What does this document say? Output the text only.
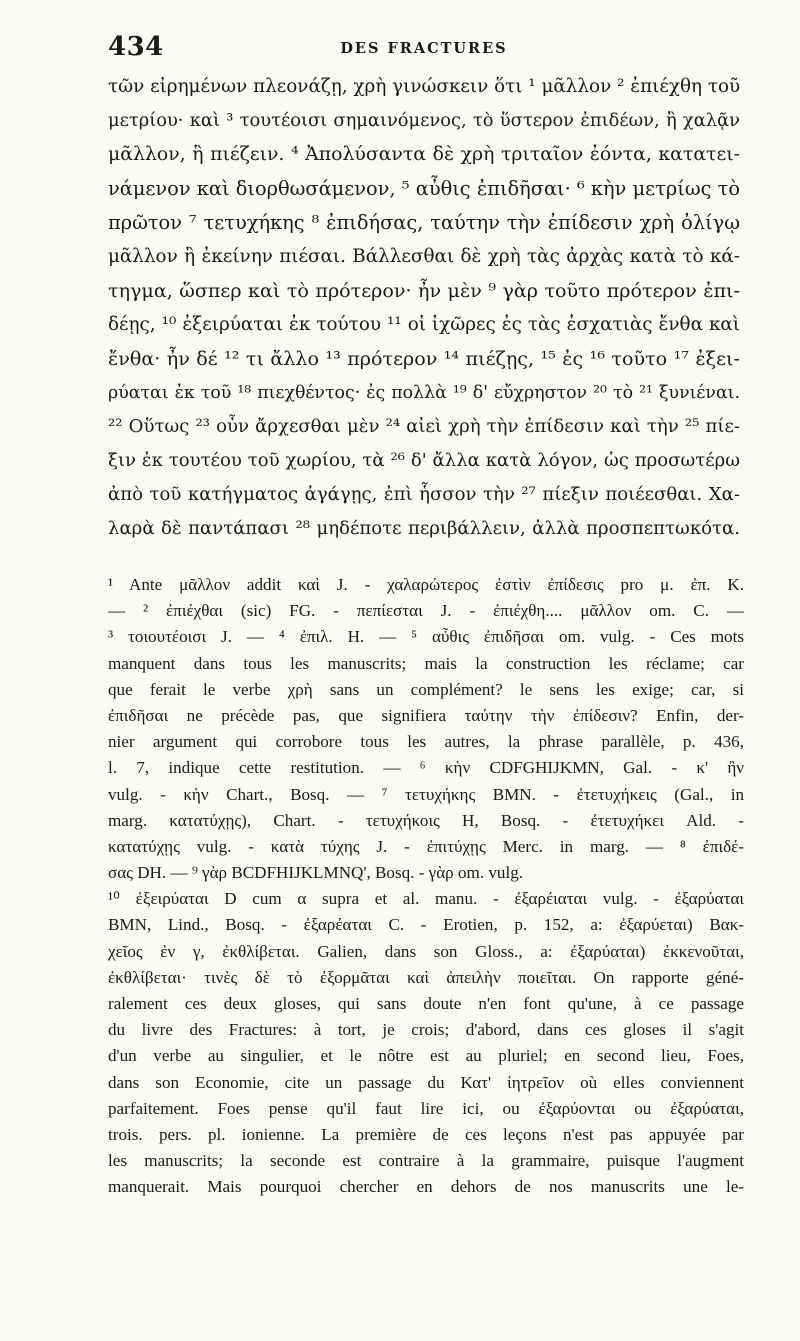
434	DES FRACTURES
τῶν εἰρημένων πλεονάζῃ, χρὴ γινώσκειν ὅτι ¹ μᾶλλον ² ἐπιέχθη τοῦ
μετρίου· καὶ ³ τουτέοισι σημαινόμενος, τὸ ὕστερον ἐπιδέων, ἢ χαλᾷν
μᾶλλον, ἢ πιέζειν. ⁴ Ἀπολύσαντα δὲ χρὴ τριταῖον ἐόντα, κατατει-
νάμενον καὶ διορθωσάμενον, ⁵ αὖθις ἐπιδῆσαι· ⁶ κὴν μετρίως τὸ
πρῶτον ⁷ τετυχήκης ⁸ ἐπιδήσας, ταύτην τὴν ἐπίδεσιν χρὴ ὀλίγῳ
μᾶλλον ἢ ἐκείνην πιέσαι. Βάλλεσθαι δὲ χρὴ τὰς ἀρχὰς κατὰ τὸ κά-
τηγμα, ὥσπερ καὶ τὸ πρότερον· ἦν μὲν ⁹ γὰρ τοῦτο πρότερον ἐπι-
δέῃς, ¹⁰ ἐξειρύαται ἐκ τούτου ¹¹ οἱ ἰχῶρες ἐς τὰς ἐσχατιὰς ἔνθα καὶ
ἔνθα· ἦν δέ ¹² τι ἄλλο ¹³ πρότερον ¹⁴ πιέζῃς, ¹⁵ ἐς ¹⁶ τοῦτο ¹⁷ ἐξει-
ρύαται ἐκ τοῦ ¹⁸ πιεχθέντος· ἐς πολλὰ ¹⁹ δ' εὔχρηστον ²⁰ τὸ ²¹ ξυνιέναι.
²² Οὕτως ²³ οὖν ἄρχεσθαι μὲν ²⁴ αἰεὶ χρὴ τὴν ἐπίδεσιν καὶ τὴν ²⁵ πίε-
ξιν ἐκ τουτέου τοῦ χωρίου, τὰ ²⁶ δ' ἄλλα κατὰ λόγον, ὡς προσωτέρω
ἀπὸ τοῦ κατήγματος ἀγάγῃς, ἐπὶ ἧσσον τὴν ²⁷ πίεξιν ποιέεσθαι. Χα-
λαρὰ δὲ παντάπασι ²⁸ μηδέποτε περιβάλλειν, ἀλλὰ προσπεπτωκότα.
¹ Ante μᾶλλον addit καὶ J. - χαλαρώτερος ἐστὶν ἐπίδεσις pro μ. ἐπ. K.
— ² ἐπιέχθαι (sic) FG. - πεπίεσται J. - ἐπιέχθη.... μᾶλλον om. C. —
³ τοιουτέοισι J. — ⁴ ἐπιλ. H. — ⁵ αὖθις ἐπιδῆσαι om. vulg. - Ces mots
manquent dans tous les manuscrits; mais la construction les réclame; car
que ferait le verbe χρὴ sans un complément? le sens les exige; car, si
ἐπιδῆσαι ne précède pas, que signifiera ταύτην τὴν ἐπίδεσιν? Enfin, der-
nier argument qui corrobore tous les autres, la phrase parallèle, p. 436,
l. 7, indique cette restitution. — ⁶ κὴν CDFGHIJKMN, Gal. - κ' ἢν
vulg. - κὴν Chart., Bosq. — ⁷ τετυχήκης BMN. - ἐτετυχήκεις (Gal., in
marg. κατατύχῃς), Chart. - τετυχήκοις H, Bosq. - ἐτετυχήκει Ald. -
κατατύχῃς vulg. - κατὰ τύχης J. - ἐπιτύχῃς Merc. in marg. — ⁸ ἐπιδέ-
σας DH. — ⁹ γὰρ BCDFHIJKLMNQ', Bosq. - γὰρ om. vulg.
¹⁰ ἐξειρύαται D cum α supra et al. manu. - ἐξαρέιαται vulg. - ἐξαρύαται
BMN, Lind., Bosq. - ἐξαρέαται C. - Erotien, p. 152, a: ἐξαρύεται) Βακ-
χεῖος ἐν γ, ἐκθλίβεται. Galien, dans son Gloss., a: ἐξαρύαται) ἐκκενοῦται,
ἐκθλίβεται· τινὲς δὲ τὸ ἐξορμᾶται καὶ ἀπειλὴν ποιεῖται. On rapporte géné-
ralement ces deux gloses, qui sans doute n'en font qu'une, à ce passage
du livre des Fractures: à tort, je crois; d'abord, dans ces gloses il s'agit
d'un verbe au singulier, et le nôtre est au pluriel; en second lieu, Foes,
dans son Economie, cite un passage du Κατ' ἰητρεῖον où elles conviennent
parfaitement. Foes pense qu'il faut lire ici, ou ἐξαρύονται ou ἐξαρύαται,
trois. pers. pl. ionienne. La première de ces leçons n'est pas appuyée par
les manuscrits; la seconde est contraire à la grammaire, puisque l'augment
manquerait. Mais pourquoi chercher en dehors de nos manuscrits une le-
